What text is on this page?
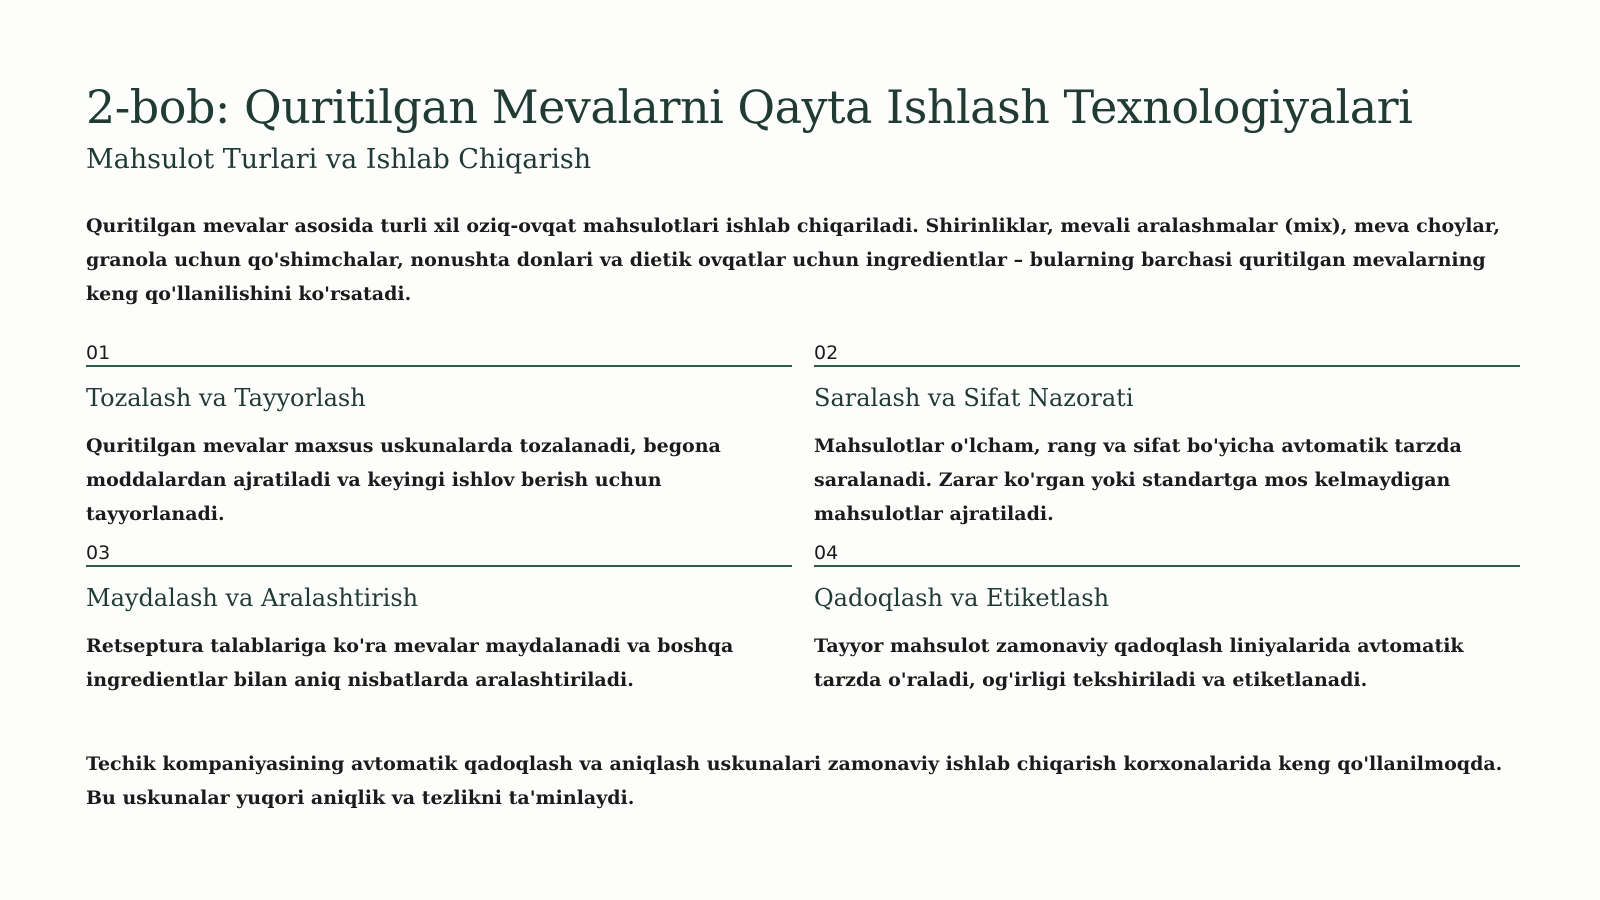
2-bob: Quritilgan Mevalarni Qayta Ishlash Texnologiyalari
Mahsulot Turlari va Ishlab Chiqarish

Quritilgan mevalar asosida turli xil oziq-ovqat mahsulotlari ishlab chiqariladi. Shirinliklar, mevali aralashmalar (mix), meva choylar, granola uchun qo'shimchalar, nonushta donlari va dietik ovqatlar uchun ingredientlar – bularning barchasi quritilgan mevalarning keng qo'llanilishini ko'rsatadi.

01
Tozalash va Tayyorlash
Quritilgan mevalar maxsus uskunalarda tozalanadi, begona moddalardan ajratiladi va keyingi ishlov berish uchun tayyorlanadi.
02
Saralash va Sifat Nazorati
Mahsulotlar o'lcham, rang va sifat bo'yicha avtomatik tarzda saralanadi. Zarar ko'rgan yoki standartga mos kelmaydigan mahsulotlar ajratiladi.
03
Maydalash va Aralashtirish
Retseptura talablariga ko'ra mevalar maydalanadi va boshqa ingredientlar bilan aniq nisbatlarda aralashtiriladi.
04
Qadoqlash va Etiketlash
Tayyor mahsulot zamonaviy qadoqlash liniyalarida avtomatik tarzda o'raladi, og'irligi tekshiriladi va etiketlanadi.

Techik kompaniyasining avtomatik qadoqlash va aniqlash uskunalari zamonaviy ishlab chiqarish korxonalarida keng qo'llanilmoqda. Bu uskunalar yuqori aniqlik va tezlikni ta'minlaydi.
